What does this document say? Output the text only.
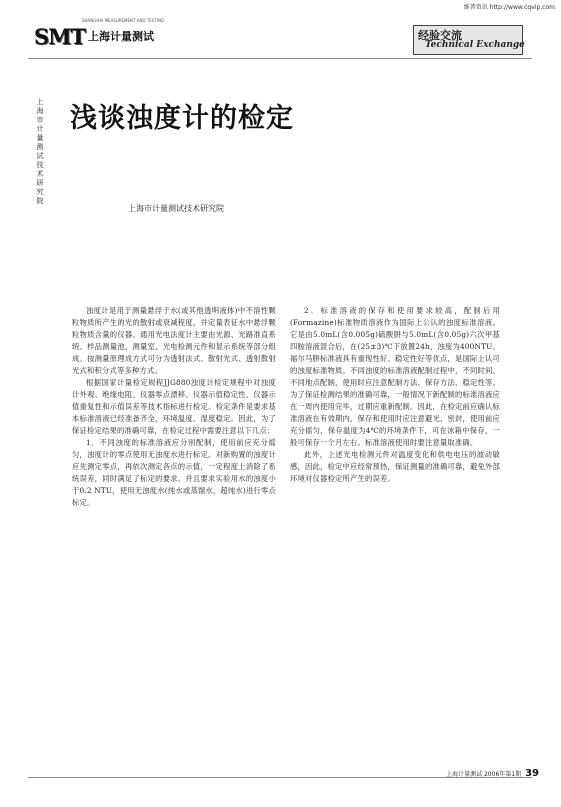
维普资讯 http://www.cqvip.com
SMT 上海计量测试
SHANGHAI MEASUREMENT AND TESTING
经验交流
Technical Exchange
上
海
市
计
量
测
试
技
术
研
究
院
浅谈浊度计的检定
上海市计量测试技术研究院

浊度计是用于测量悬浮于水(或其他透明液体)中不溶性颗粒物质所产生的光的散射或衰减程度，并定量表征水中悬浮颗粒物质含量的仪器。通用光电法度计主要由光源、光路准直系统、样品测量池、测量室、光电检测元件和显示系统等部分组成。按测量原理成方式可分为透射法式、散射光式、透射散射光式和积分式等多种方式。

根据国家计量检定规程JJG880浊度计检定规程中对浊度计外观、绝缘电阻、仪器零点漂移、仪器示值稳定性、仪器示值重复性和示值误差等技术指标进行检定。检定条件是要求基本标准溶液已经准备齐全，环境温度、湿度稳定。因此，为了保证检定结果的准确可靠，在检定过程中需要注意以下几点：

1．不同浊度的标准溶液应分别配制，使用前应充分摇匀，浊度计的零点使用无浊度水进行标定。对新购置的浊度计应先测定零点，再依次测定各点的示值，一定程度上消除了系统误差，同时满足了标定的要求。并且要求实验用水的浊度小于0.2 NTU，使用无浊度水(纯水或蒸馏水，超纯水)进行零点标定。

2．标准溶液的保存和使用要求较高，配制后用(Formazine)标准物质溶液作为国际上公认的浊度标准溶液。它是由5.0mL(含0.005g)硫酸肼与5.0mL(含0.05g)六次甲基四胺溶液混合后，在(25±3)℃下放置24h，浊度为400NTU。福尔马肼标准液具有重现性好、稳定性好等优点，是国际上认可的浊度标准物质。不同浊度的标准溶液配制过程中，不同时间、不同地点配制，使用时应注意配制方法、保存方法、稳定性等。为了保证检测结果的准确可靠，一般情况下新配制的标准溶液应在一周内使用完毕，过期应重新配制。因此，在检定前应确认标准溶液在有效期内，保存和使用时应注意避光、密封，使用前应充分摇匀，保存温度为4℃的环境条件下，可在冰箱中保存，一般可保存一个月左右。标准溶液使用时要注意量取准确。

此外，上述光电检测元件对温度变化和供电电压的波动敏感，因此，检定中应经常预热，保证测量的准确可靠，避免外部环境对仪器检定所产生的误差。

上海计量测试 2006年第1期 39
